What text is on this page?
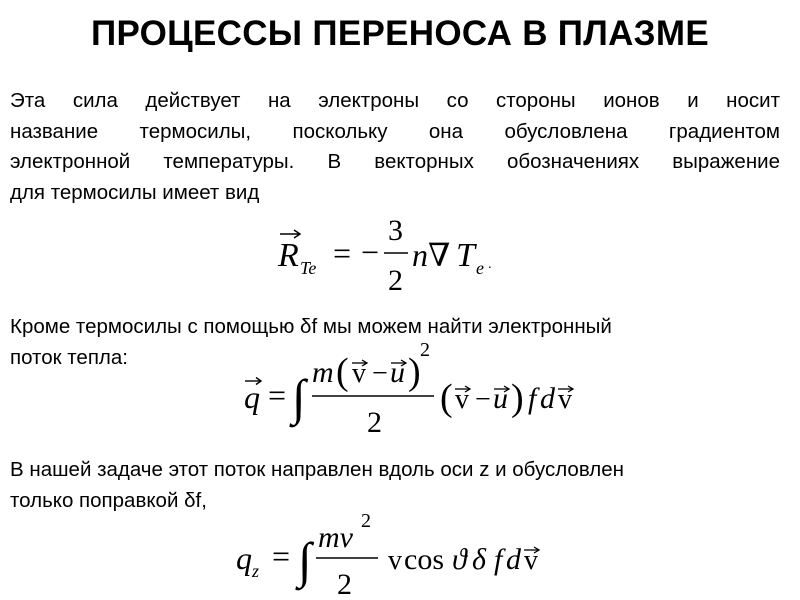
ПРОЦЕССЫ ПЕРЕНОСА В ПЛАЗМЕ
Эта сила действует на электроны со стороны ионов и носит
название термосилы, поскольку она обусловлена градиентом
электронной температуры. В векторных обозначениях выражение
для термосилы имеет вид
R Te = −
3
2
n∇ T e .
Кроме термосилы с помощью δf мы можем найти электронный
поток тепла:
q = ∫ m ( v − u )
2
2
( v − u ) f d v
В нашей задаче этот поток направлен вдоль оси z и обусловлен
только поправкой δf,
q z = ∫ mv 2
2
v cos ϑ δ f d v
